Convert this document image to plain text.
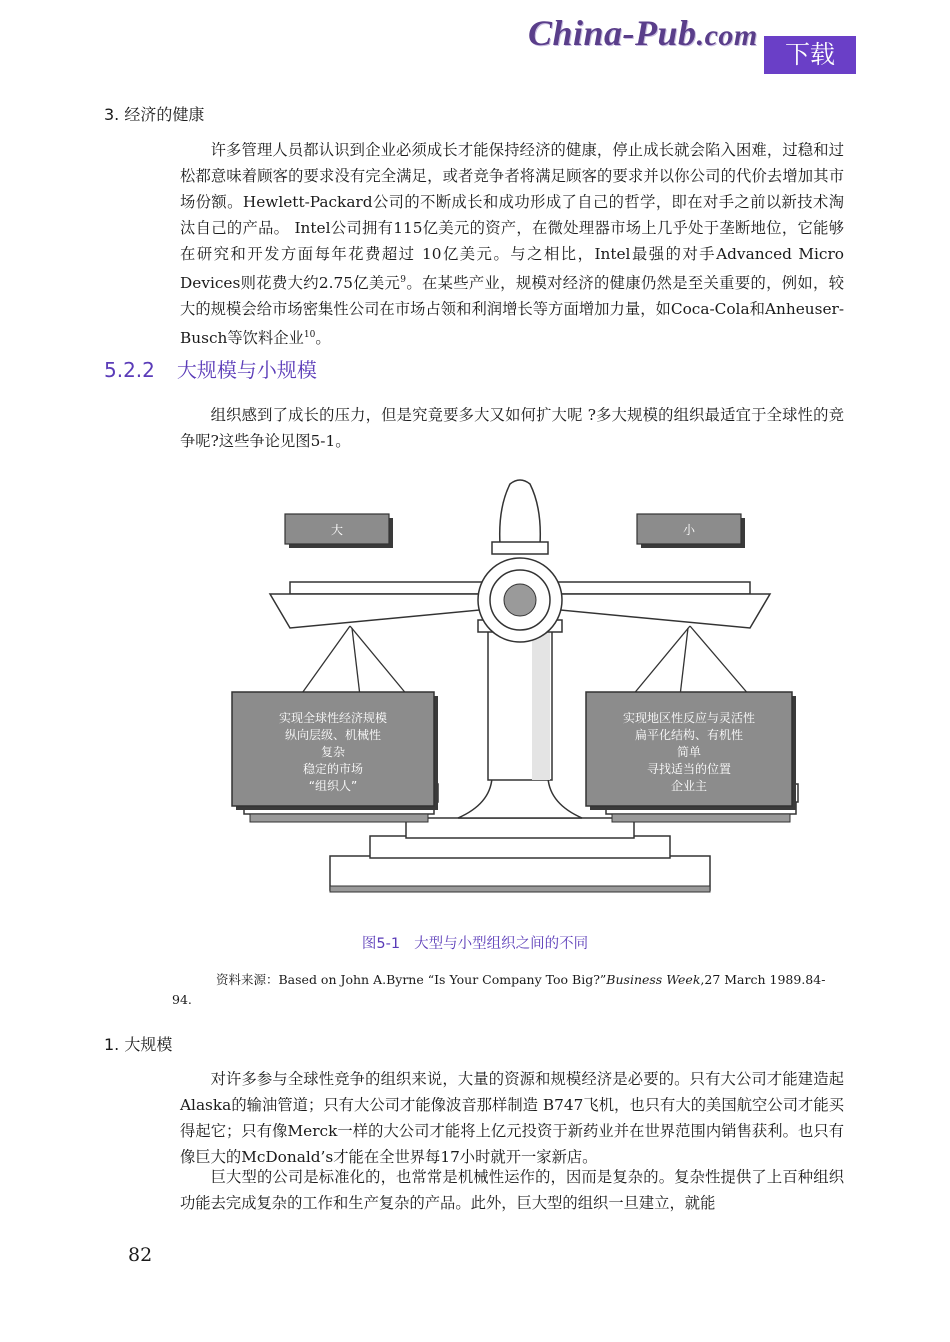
China-Pub.com
下载
3. 经济的健康

许多管理人员都认识到企业必须成长才能保持经济的健康，停止成长就会陷入困难，过稳和过松都意味着顾客的要求没有完全满足，或者竞争者将满足顾客的要求并以你公司的代价去增加其市场份额。Hewlett-Packard公司的不断成长和成功形成了自己的哲学，即在对手之前以新技术淘汰自己的产品。 Intel公司拥有115亿美元的资产，在微处理器市场上几乎处于垄断地位，它能够在研究和开发方面每年花费超过 10亿美元。与之相比，Intel最强的对手Advanced Micro Devices则花费大约2.75亿美元$^9$。在某些产业，规模对经济的健康仍然是至关重要的，例如，较大的规模会给市场密集性公司在市场占领和利润增长等方面增加力量，如Coca-Cola和Anheuser-Busch等饮料企业$^{10}$。

5.2.2 大规模与小规模

组织感到了成长的压力，但是究竟要多大又如何扩大呢 ?多大规模的组织最适宜于全球性的竞争呢?这些争论见图5-1。

大	小
实现全球性经济规模
纵向层级、机械性
复杂
稳定的市场
“组织人”
实现地区性反应与灵活性
扁平化结构、有机性
简单
寻找适当的位置
企业主
图5-1 大型与小型组织之间的不同
资料来源：Based on John A.Byrne “Is Your Company Too Big?”Business Week,27 March 1989.84-
94.
1. 大规模

对许多参与全球性竞争的组织来说，大量的资源和规模经济是必要的。只有大公司才能建造起Alaska的输油管道；只有大公司才能像波音那样制造 B747飞机，也只有大的美国航空公司才能买得起它；只有像Merck一样的大公司才能将上亿元投资于新药业并在世界范围内销售获利。也只有像巨大的McDonald’s才能在全世界每17小时就开一家新店。

巨大型的公司是标准化的，也常常是机械性运作的，因而是复杂的。复杂性提供了上百种组织功能去完成复杂的工作和生产复杂的产品。此外，巨大型的组织一旦建立，就能

82
